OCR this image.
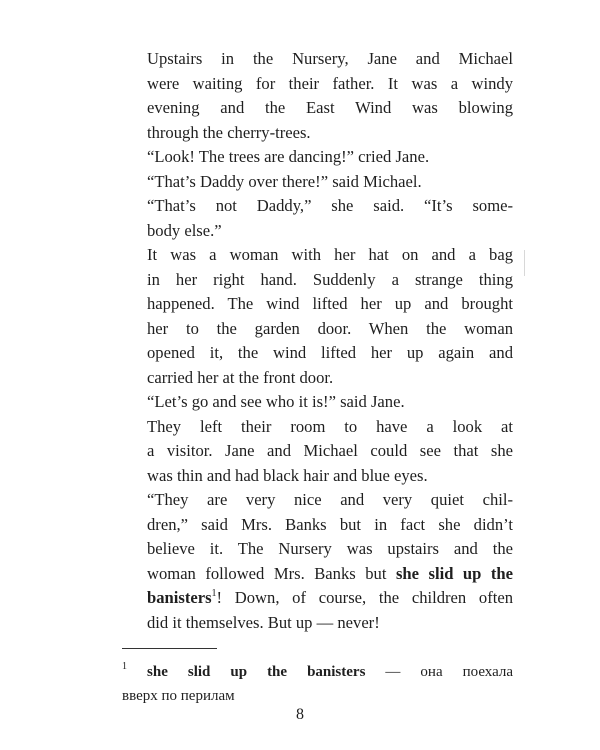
Upstairs in the Nursery, Jane and Michael
were waiting for their father. It was a windy
evening and the East Wind was blowing
through the cherry-trees.

“Look! The trees are dancing!” cried Jane.

“That’s Daddy over there!” said Michael.

“That’s not Daddy,” she said. “It’s some-
body else.”

It was a woman with her hat on and a bag
in her right hand. Suddenly a strange thing
happened. The wind lifted her up and brought
her to the garden door. When the woman
opened it, the wind lifted her up again and
carried her at the front door.

“Let’s go and see who it is!” said Jane.

They left their room to have a look at
a visitor. Jane and Michael could see that she
was thin and had black hair and blue eyes.

“They are very nice and very quiet chil-
dren,” said Mrs. Banks but in fact she didn’t
believe it. The Nursery was upstairs and the
woman followed Mrs. Banks but she slid up the
banisters$^1$! Down, of course, the children often
did it themselves. But up — never!

$^1$ she slid up the banisters — она поехала
вверх по перилам
8
